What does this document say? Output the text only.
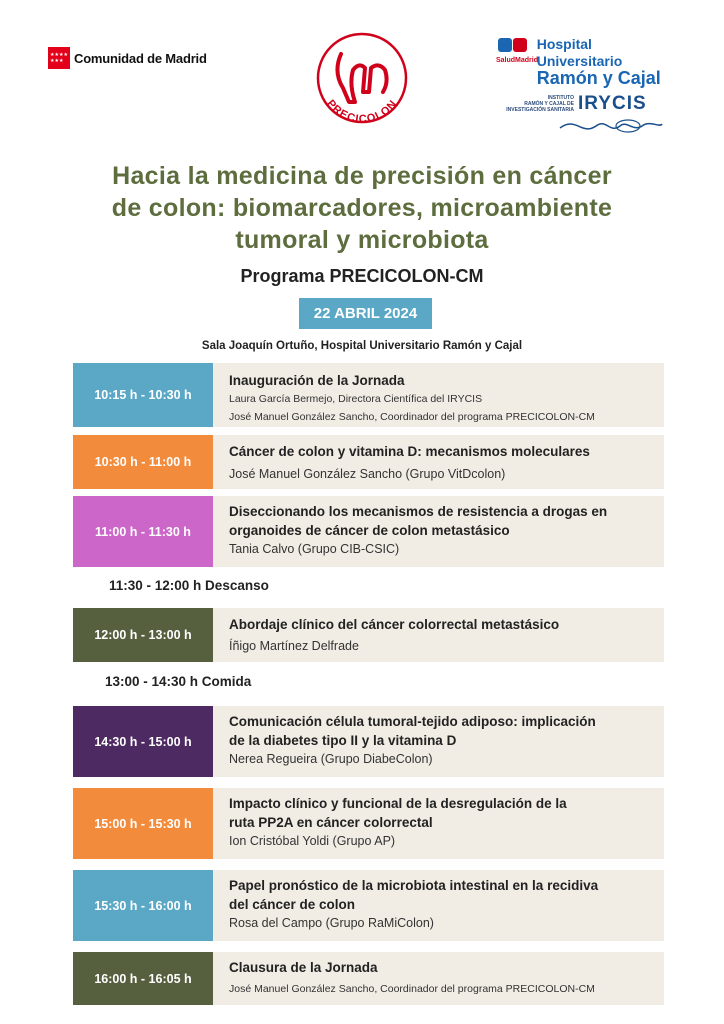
★ ★ ★ ★
★ ★ ★ Comunidad de Madrid
PRECICOLON
SaludMadrid
Hospital Universitario
Ramón y Cajal
INSTITUTO
RAMÓN Y CAJAL DE
INVESTIGACIÓN SANITARIA IRYCIS
Hacia la medicina de precisión en cáncer
de colon: biomarcadores, microambiente
tumoral y microbiota
Programa PRECICOLON-CM
22 ABRIL 2024
Sala Joaquín Ortuño, Hospital Universitario Ramón y Cajal
10:15 h - 10:30 h
Inauguración de la Jornada
Laura García Bermejo, Directora Científica del IRYCIS
José Manuel González Sancho, Coordinador del programa PRECICOLON-CM
10:30 h - 11:00 h
Cáncer de colon y vitamina D: mecanismos moleculares
José Manuel González Sancho (Grupo VitDcolon)
11:00 h - 11:30 h
Diseccionando los mecanismos de resistencia a drogas en
organoides de cáncer de colon metastásico
Tania Calvo (Grupo CIB-CSIC)
11:30 - 12:00 h Descanso
12:00 h - 13:00 h
Abordaje clínico del cáncer colorrectal metastásico
Íñigo Martínez Delfrade
13:00 - 14:30 h Comida
14:30 h - 15:00 h
Comunicación célula tumoral-tejido adiposo: implicación
de la diabetes tipo II y la vitamina D
Nerea Regueira (Grupo DiabeColon)
15:00 h - 15:30 h
Impacto clínico y funcional de la desregulación de la
ruta PP2A en cáncer colorrectal
Ion Cristóbal Yoldi (Grupo AP)
15:30 h - 16:00 h
Papel pronóstico de la microbiota intestinal en la recidiva
del cáncer de colon
Rosa del Campo (Grupo RaMiColon)
16:00 h - 16:05 h
Clausura de la Jornada
José Manuel González Sancho, Coordinador del programa PRECICOLON-CM
